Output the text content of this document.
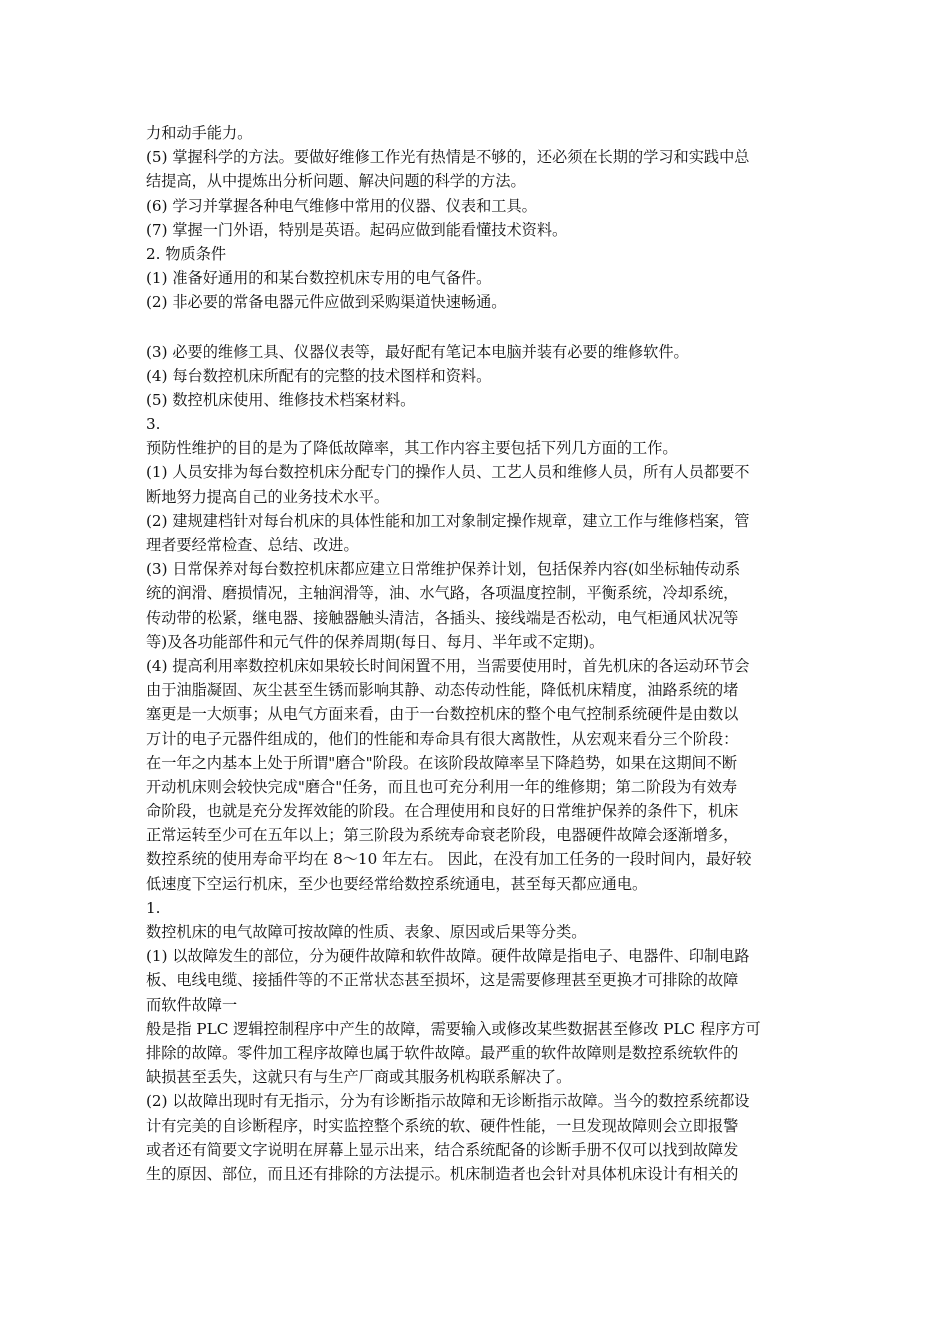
力和动手能力。
(5) 掌握科学的方法。要做好维修工作光有热情是不够的，还必须在长期的学习和实践中总
结提高，从中提炼出分析问题、解决问题的科学的方法。
(6) 学习并掌握各种电气维修中常用的仪器、仪表和工具。
(7) 掌握一门外语，特别是英语。起码应做到能看懂技术资料。
2. 物质条件
(1) 准备好通用的和某台数控机床专用的电气备件。
(2) 非必要的常备电器元件应做到采购渠道快速畅通。
(3) 必要的维修工具、仪器仪表等，最好配有笔记本电脑并装有必要的维修软件。
(4) 每台数控机床所配有的完整的技术图样和资料。
(5) 数控机床使用、维修技术档案材料。
3.
预防性维护的目的是为了降低故障率，其工作内容主要包括下列几方面的工作。
(1) 人员安排为每台数控机床分配专门的操作人员、工艺人员和维修人员，所有人员都要不
断地努力提高自己的业务技术水平。
(2) 建规建档针对每台机床的具体性能和加工对象制定操作规章，建立工作与维修档案，管
理者要经常检查、总结、改进。
(3) 日常保养对每台数控机床都应建立日常维护保养计划，包括保养内容(如坐标轴传动系
统的润滑、磨损情况，主轴润滑等，油、水气路，各项温度控制，平衡系统，冷却系统，
传动带的松紧，继电器、接触器触头清洁，各插头、接线端是否松动，电气柜通风状况等
等)及各功能部件和元气件的保养周期(每日、每月、半年或不定期)。
(4) 提高利用率数控机床如果较长时间闲置不用，当需要使用时，首先机床的各运动环节会
由于油脂凝固、灰尘甚至生锈而影响其静、动态传动性能，降低机床精度，油路系统的堵
塞更是一大烦事；从电气方面来看，由于一台数控机床的整个电气控制系统硬件是由数以
万计的电子元器件组成的，他们的性能和寿命具有很大离散性，从宏观来看分三个阶段：
在一年之内基本上处于所谓"磨合"阶段。在该阶段故障率呈下降趋势，如果在这期间不断
开动机床则会较快完成"磨合"任务，而且也可充分利用一年的维修期；第二阶段为有效寿
命阶段，也就是充分发挥效能的阶段。在合理使用和良好的日常维护保养的条件下，机床
正常运转至少可在五年以上；第三阶段为系统寿命衰老阶段，电器硬件故障会逐渐增多，
数控系统的使用寿命平均在 8～10 年左右。 因此，在没有加工任务的一段时间内，最好较
低速度下空运行机床，至少也要经常给数控系统通电，甚至每天都应通电。
1.
数控机床的电气故障可按故障的性质、表象、原因或后果等分类。
(1) 以故障发生的部位，分为硬件故障和软件故障。硬件故障是指电子、电器件、印制电路
板、电线电缆、接插件等的不正常状态甚至损坏，这是需要修理甚至更换才可排除的故障
而软件故障一
般是指 PLC 逻辑控制程序中产生的故障，需要输入或修改某些数据甚至修改 PLC 程序方可
排除的故障。零件加工程序故障也属于软件故障。最严重的软件故障则是数控系统软件的
缺损甚至丢失，这就只有与生产厂商或其服务机构联系解决了。
(2) 以故障出现时有无指示，分为有诊断指示故障和无诊断指示故障。当今的数控系统都设
计有完美的自诊断程序，时实监控整个系统的软、硬件性能，一旦发现故障则会立即报警
或者还有简要文字说明在屏幕上显示出来，结合系统配备的诊断手册不仅可以找到故障发
生的原因、部位，而且还有排除的方法提示。机床制造者也会针对具体机床设计有相关的
